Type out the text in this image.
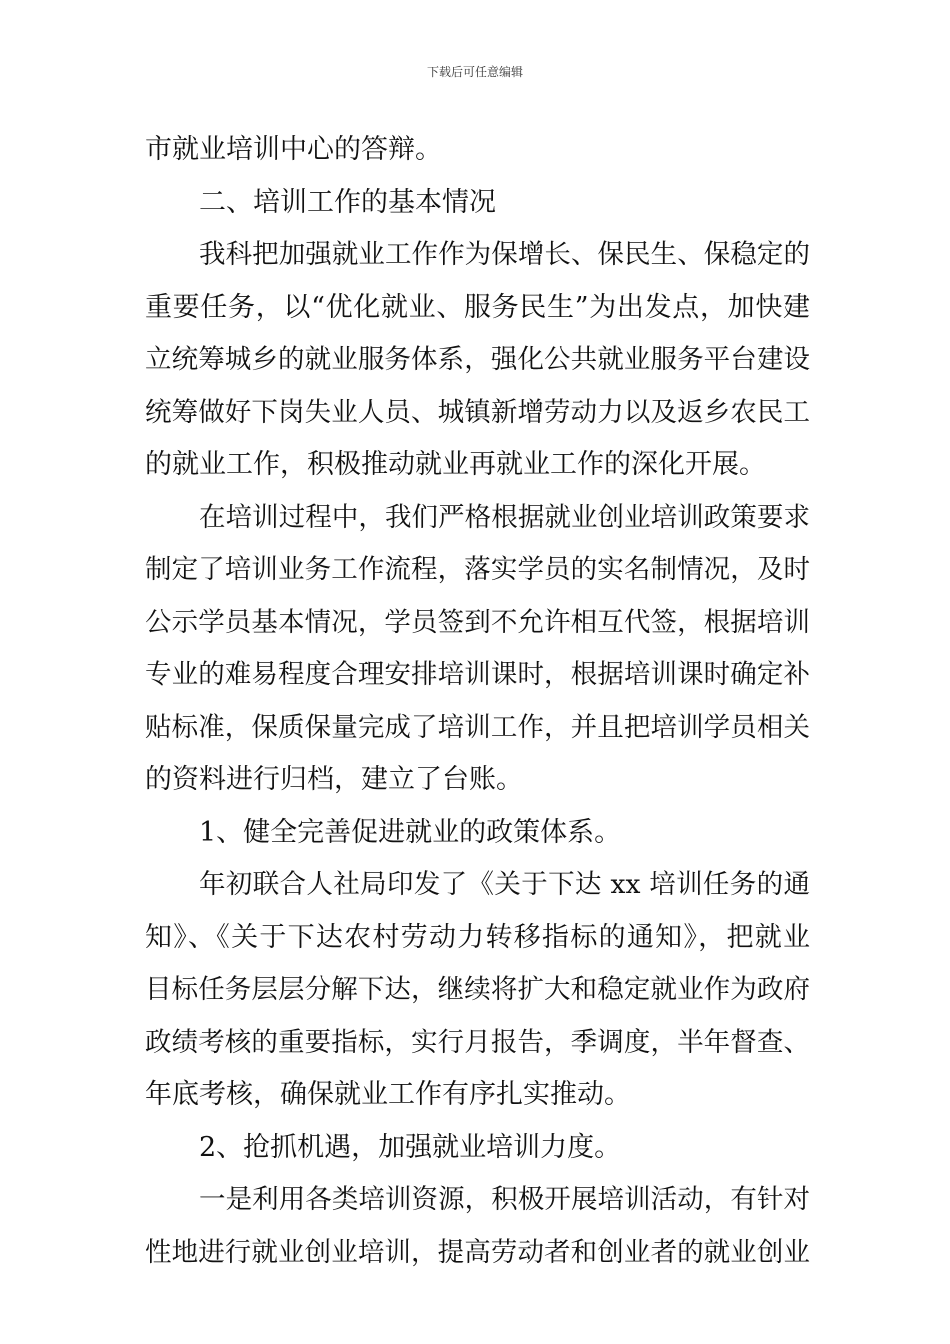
下载后可任意编辑
市就业培训中心的答辩。
二、培训工作的基本情况
我科把加强就业工作作为保增长、保民生、保稳定的
重要任务，以“优化就业、服务民生”为出发点，加快建
立统筹城乡的就业服务体系，强化公共就业服务平台建设
统筹做好下岗失业人员、城镇新增劳动力以及返乡农民工
的就业工作，积极推动就业再就业工作的深化开展。
在培训过程中，我们严格根据就业创业培训政策要求
制定了培训业务工作流程，落实学员的实名制情况，及时
公示学员基本情况，学员签到不允许相互代签，根据培训
专业的难易程度合理安排培训课时，根据培训课时确定补
贴标准，保质保量完成了培训工作，并且把培训学员相关
的资料进行归档，建立了台账。
1、健全完善促进就业的政策体系。
年初联合人社局印发了《关于下达 xx 培训任务的通
知》、《关于下达农村劳动力转移指标的通知》，把就业
目标任务层层分解下达，继续将扩大和稳定就业作为政府
政绩考核的重要指标，实行月报告，季调度，半年督查、
年底考核，确保就业工作有序扎实推动。
2、抢抓机遇，加强就业培训力度。
一是利用各类培训资源，积极开展培训活动，有针对
性地进行就业创业培训，提高劳动者和创业者的就业创业
